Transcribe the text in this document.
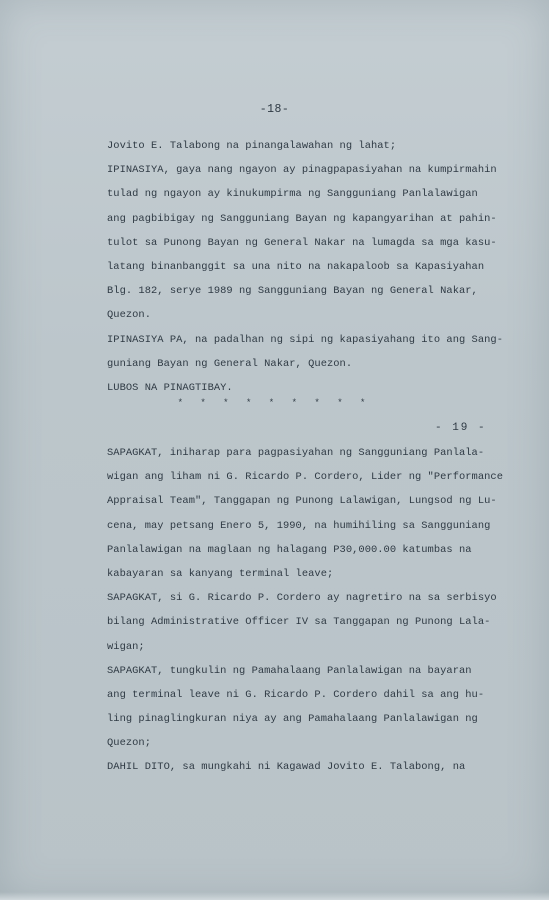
-18-
Jovito E. Talabong na pinangalawahan ng lahat;
IPINASIYA, gaya nang ngayon ay pinagpapasiyahan na kumpirmahin
tulad ng ngayon ay kinukumpirma ng Sangguniang Panlalawigan
ang pagbibigay ng Sangguniang Bayan ng kapangyarihan at pahin-
tulot sa Punong Bayan ng General Nakar na lumagda sa mga kasu-
latang binanbanggit sa una nito na nakapaloob sa Kapasiyahan
Blg. 182, serye 1989 ng Sangguniang Bayan ng General Nakar,
Quezon.
IPINASIYA PA, na padalhan ng sipi ng kapasiyahang ito ang Sang-
guniang Bayan ng General Nakar, Quezon.
LUBOS NA PINAGTIBAY.
* * * * * * * * *
- 19 -
SAPAGKAT, iniharap para pagpasiyahan ng Sangguniang Panlala-
wigan ang liham ni G. Ricardo P. Cordero, Lider ng "Performance
Appraisal Team", Tanggapan ng Punong Lalawigan, Lungsod ng Lu-
cena, may petsang Enero 5, 1990, na humihiling sa Sangguniang
Panlalawigan na maglaan ng halagang P30,000.00 katumbas na
kabayaran sa kanyang terminal leave;
SAPAGKAT, si G. Ricardo P. Cordero ay nagretiro na sa serbisyo
bilang Administrative Officer IV sa Tanggapan ng Punong Lala-
wigan;
SAPAGKAT, tungkulin ng Pamahalaang Panlalawigan na bayaran
ang terminal leave ni G. Ricardo P. Cordero dahil sa ang hu-
ling pinaglingkuran niya ay ang Pamahalaang Panlalawigan ng
Quezon;
DAHIL DITO, sa mungkahi ni Kagawad Jovito E. Talabong, na
